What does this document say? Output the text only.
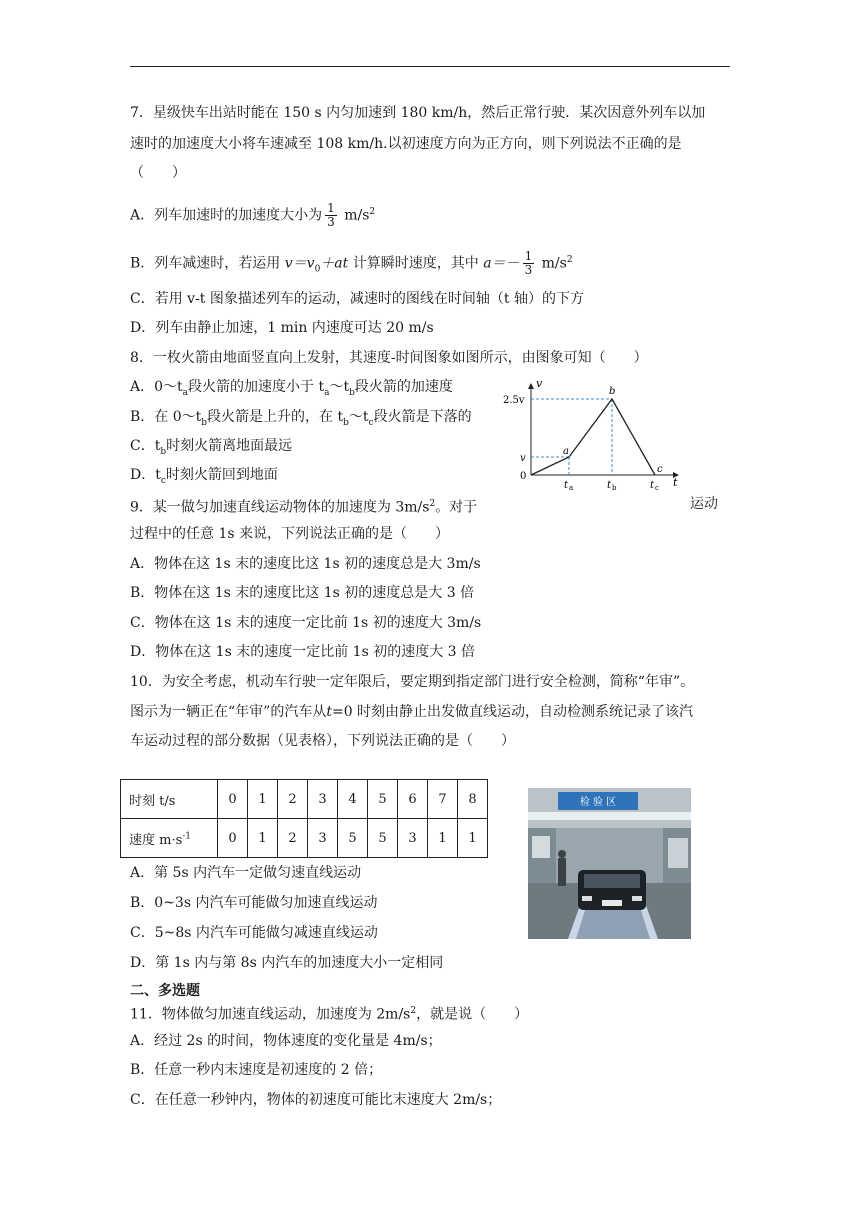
7．星级快车出站时能在 150 s 内匀加速到 180 km/h，然后正常行驶．某次因意外列车以加
速时的加速度大小将车速减至 108 km/h.以初速度方向为正方向，则下列说法不正确的是
（　　）
A．列车加速时的加速度大小为 $\frac{1}{3} m/s^2$
B．列车减速时，若运用 $v=v_0+at$ 计算瞬时速度，其中 $a=- \frac{1}{3} m/s^2$
C．若用 v-t 图象描述列车的运动，减速时的图线在时间轴（t 轴）的下方
D．列车由静止加速，1 min 内速度可达 20 m/s
8．一枚火箭由地面竖直向上发射，其速度-时间图象如图所示，由图象可知（　　）
A．$0\sim t_a$段火箭的加速度小于 $t_a\sim t_b$段火箭的加速度
B．在 $0\sim t_b$段火箭是上升的，在 $t_b\sim t_c$段火箭是下落的
C．$t_b$时刻火箭离地面最远
D．$t_c$时刻火箭回到地面
v
t
2.5v
v
0
a
b
c
t a	t b	t c
9．某一做匀加速直线运动物体的加速度为 $3m/s^2$。对于	运动
过程中的任意 1s 来说，下列说法正确的是（　　）
A．物体在这 1s 末的速度比这 1s 初的速度总是大 3m/s
B．物体在这 1s 末的速度比这 1s 初的速度总是大 3 倍
C．物体在这 1s 末的速度一定比前 1s 初的速度大 3m/s
D．物体在这 1s 末的速度一定比前 1s 初的速度大 3 倍
10．为安全考虑，机动车行驶一定年限后，要定期到指定部门进行安全检测，简称“年审”。
图示为一辆正在“年审”的汽车从t=0 时刻由静止出发做直线运动，自动检测系统记录了该汽
车运动过程的部分数据（见表格），下列说法正确的是（　　）
时刻 t/s	0	1	2	3	4	5	6	7	8
速度 $m\cdot s^{-1}$	0	1	2	3	5	5	3	1	1
检 验 区
A．第 5s 内汽车一定做匀速直线运动
B．0~3s 内汽车可能做匀加速直线运动
C．5~8s 内汽车可能做匀减速直线运动
D．第 1s 内与第 8s 内汽车的加速度大小一定相同
二、多选题
11．物体做匀加速直线运动，加速度为 $2m/s^2$，就是说（　　）
A．经过 2s 的时间，物体速度的变化量是 4m/s；
B．任意一秒内末速度是初速度的 2 倍；
C．在任意一秒钟内，物体的初速度可能比末速度大 2m/s；
